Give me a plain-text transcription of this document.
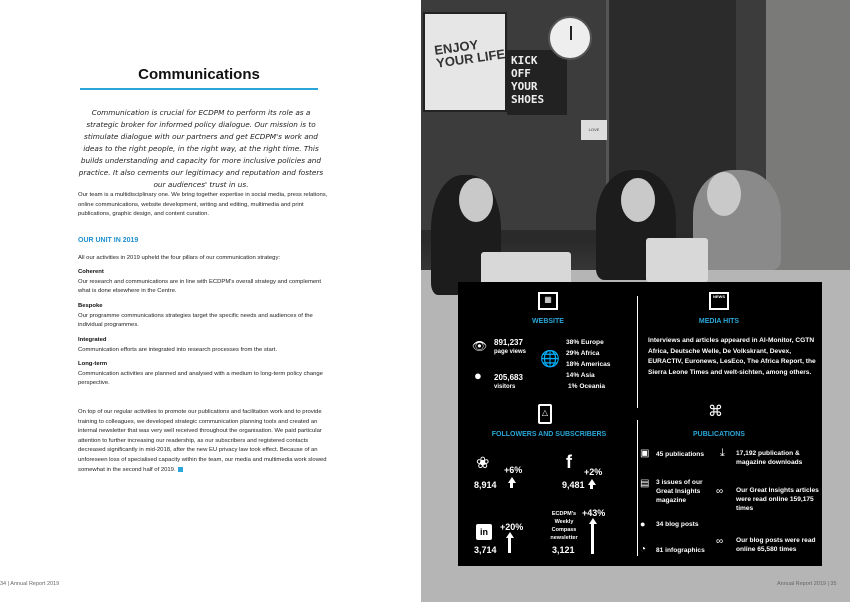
Communications

Communication is crucial for ECDPM to perform its role as a strategic broker for informed policy dialogue. Our mission is to stimulate dialogue with our partners and get ECDPM's work and ideas to the right people, in the right way, at the right time. This builds understanding and capacity for more inclusive policies and practice. It also cements our legitimacy and reputation and fosters our audiences' trust in us.

Our team is a multidisciplinary one. We bring together expertise in social media, press relations, online communications, website development, writing and editing, multimedia and print publications, graphic design, and content curation.

OUR UNIT IN 2019

All our activities in 2019 upheld the four pillars of our communication strategy:

Coherent
Our research and communications are in line with ECDPM's overall strategy and complement what is done elsewhere in the Centre.
Bespoke
Our programme communications strategies target the specific needs and audiences of the individual programmes.
Integrated
Communication efforts are integrated into research processes from the start.
Long-term
Communication activities are planned and analysed with a medium to long-term policy change perspective.

On top of our regular activities to promote our publications and facilitation work and to provide training to colleagues, we developed strategic communication planning tools and created an internal newsletter that was very well received throughout the organisation. We paid particular attention to further increasing our readership, as our subscribers and registered contacts decreased significantly in mid-2018, after the new EU privacy law took effect. Because of an unforeseen loss of specialised capacity within the team, our media and multimedia work slowed somewhat in the second half of 2019.

34 | Annual Report 2019
ENJOY YOUR LIFE KICK OFF YOUR SHOES
LOVE
Annual Report 2019 | 35
▦
WEBSITE
👁 891,237
page views
● 205,683
visitors
🌐
38% Europe
29% Africa
18% Americas
14% Asia
1% Oceania
NEWS
MEDIA HITS
Interviews and articles appeared in Al-Monitor, CGTN Africa, Deutsche Welle, De Volkskrant, Devex, EURACTIV, Euronews, LesEco, The Africa Report, the Sierra Leone Times and welt-sichten, among others.
△
FOLLOWERS AND SUBSCRIBERS
❀ +6%
8,914
f +2%
9,481
in	+20%
3,714
ECDPM's Weekly Compass newsletter
+43%
3,121
⌘
PUBLICATIONS
▣ 45 publications ⤓ 17,192 publication & magazine downloads
▤ 3 issues of our Great Insights magazine
∞ Our Great Insights articles were read online 159,175 times
● 34 blog posts
∞ Our blog posts were read online 65,580 times
◔ 81 infographics
